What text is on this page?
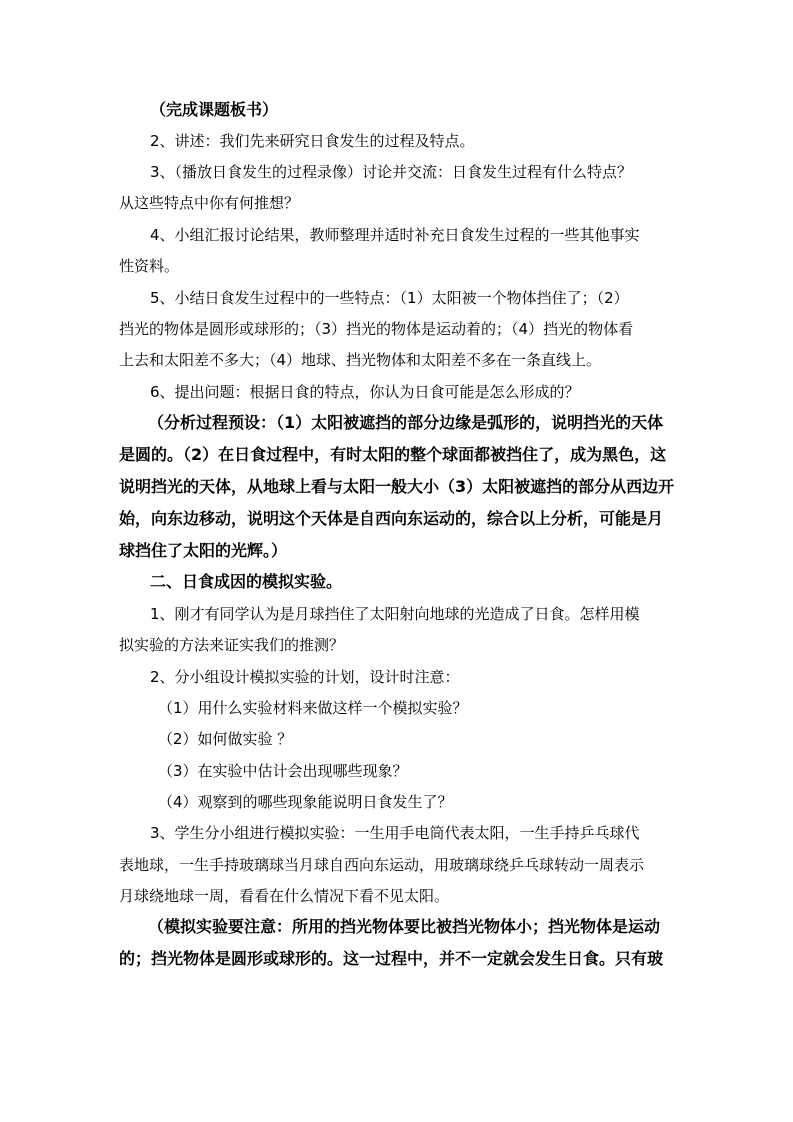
（完成课题板书）
2、讲述：我们先来研究日食发生的过程及特点。
3、（播放日食发生的过程录像）讨论并交流：日食发生过程有什么特点？
从这些特点中你有何推想？
4、小组汇报讨论结果，教师整理并适时补充日食发生过程的一些其他事实
性资料。
5、小结日食发生过程中的一些特点：（1）太阳被一个物体挡住了；（2）
挡光的物体是圆形或球形的；（3）挡光的物体是运动着的；（4）挡光的物体看
上去和太阳差不多大；（4）地球、挡光物体和太阳差不多在一条直线上。
6、提出问题：根据日食的特点，你认为日食可能是怎么形成的？
（分析过程预设：（1）太阳被遮挡的部分边缘是弧形的，说明挡光的天体
是圆的。（2）在日食过程中，有时太阳的整个球面都被挡住了，成为黑色，这
说明挡光的天体，从地球上看与太阳一般大小（3）太阳被遮挡的部分从西边开
始，向东边移动，说明这个天体是自西向东运动的，综合以上分析，可能是月
球挡住了太阳的光辉。）
二、日食成因的模拟实验。
1、刚才有同学认为是月球挡住了太阳射向地球的光造成了日食。怎样用模
拟实验的方法来证实我们的推测？
2、分小组设计模拟实验的计划，设计时注意：
（1）用什么实验材料来做这样一个模拟实验？
（2）如何做实验 ？
（3）在实验中估计会出现哪些现象？
（4）观察到的哪些现象能说明日食发生了？
3、学生分小组进行模拟实验：一生用手电筒代表太阳，一生手持乒乓球代
表地球，一生手持玻璃球当月球自西向东运动，用玻璃球绕乒乓球转动一周表示
月球绕地球一周，看看在什么情况下看不见太阳。
（模拟实验要注意：所用的挡光物体要比被挡光物体小；挡光物体是运动
的；挡光物体是圆形或球形的。这一过程中，并不一定就会发生日食。只有玻
